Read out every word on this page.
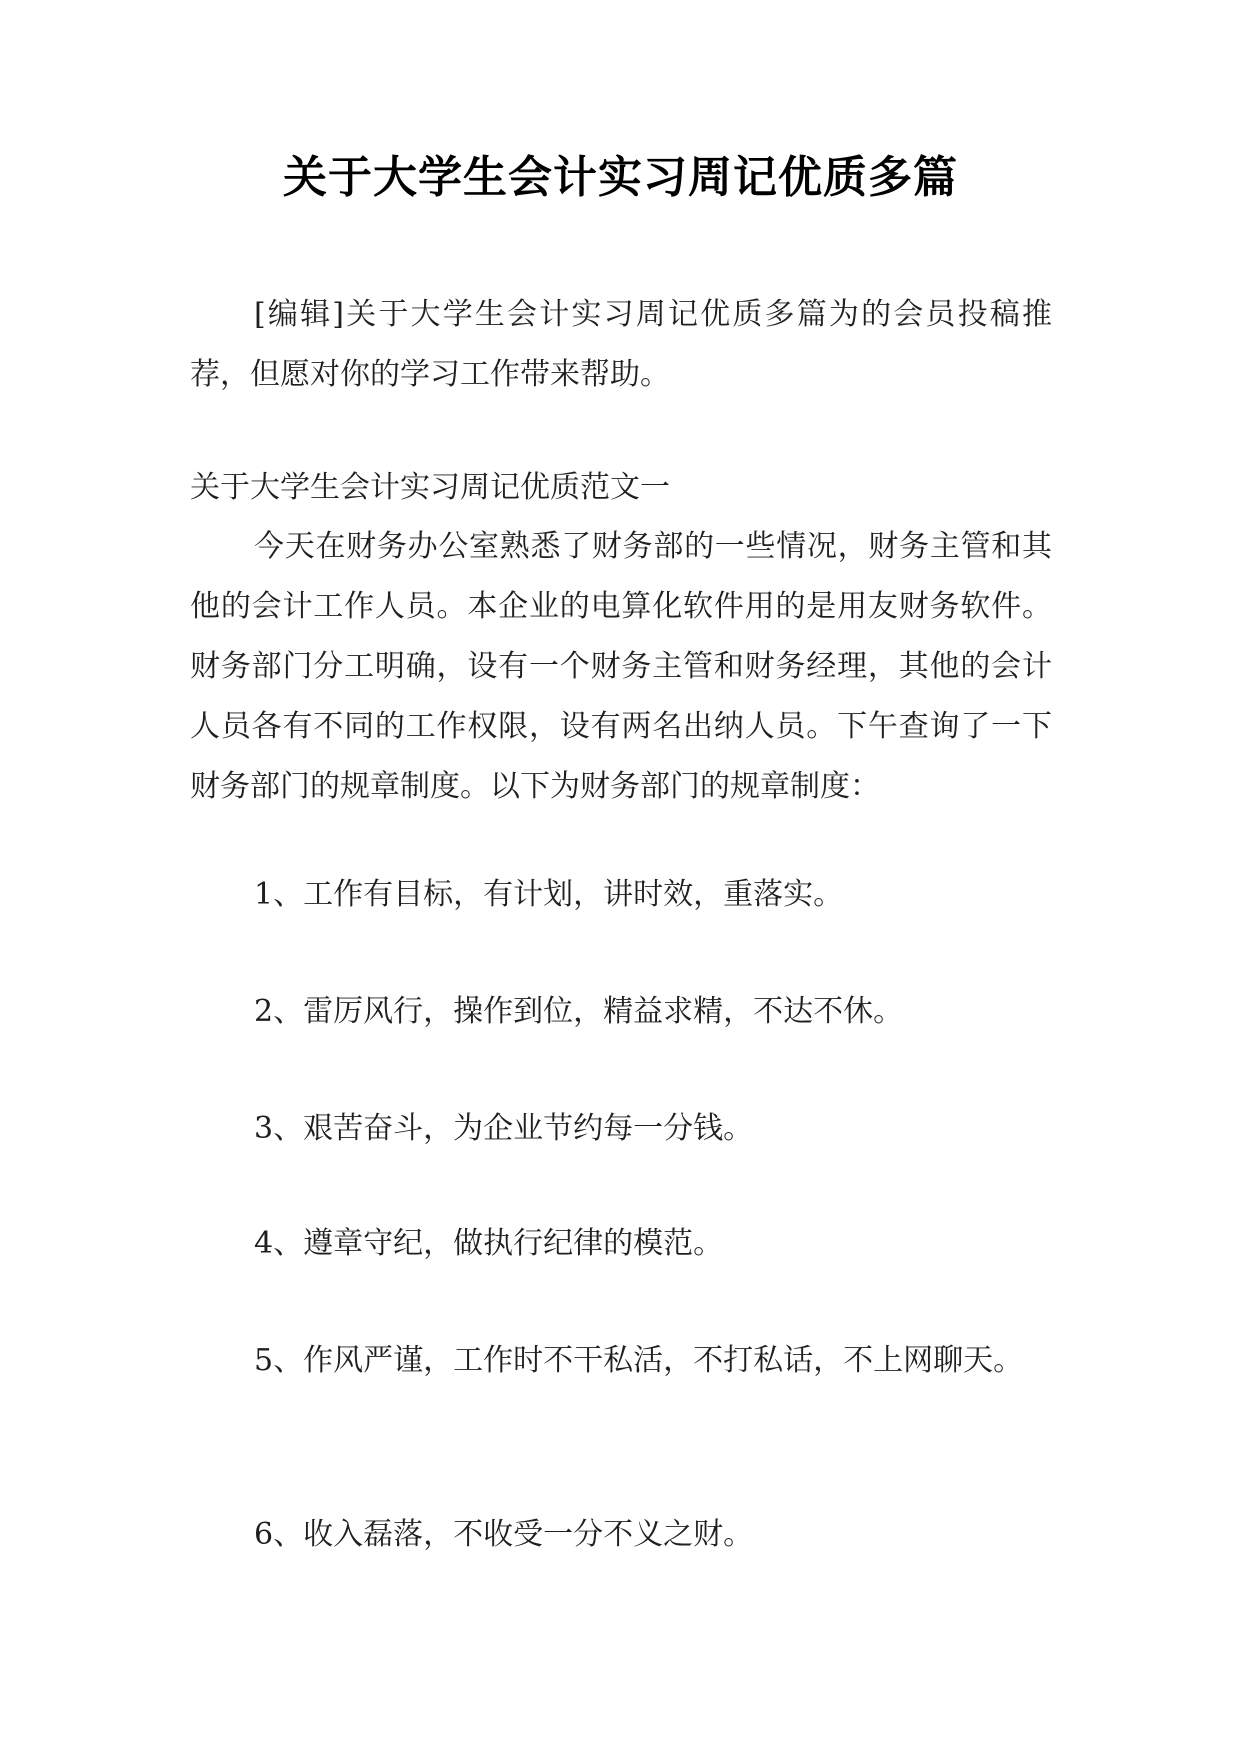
关于大学生会计实习周记优质多篇

[编辑]关于大学生会计实习周记优质多篇为的会员投稿推荐，但愿对你的学习工作带来帮助。

关于大学生会计实习周记优质范文一

今天在财务办公室熟悉了财务部的一些情况，财务主管和其他的会计工作人员。本企业的电算化软件用的是用友财务软件。财务部门分工明确，设有一个财务主管和财务经理，其他的会计人员各有不同的工作权限，设有两名出纳人员。下午查询了一下财务部门的规章制度。以下为财务部门的规章制度：

1、工作有目标，有计划，讲时效，重落实。

2、雷厉风行，操作到位，精益求精，不达不休。

3、艰苦奋斗，为企业节约每一分钱。

4、遵章守纪，做执行纪律的模范。

5、作风严谨，工作时不干私活，不打私话，不上网聊天。

6、收入磊落，不收受一分不义之财。
